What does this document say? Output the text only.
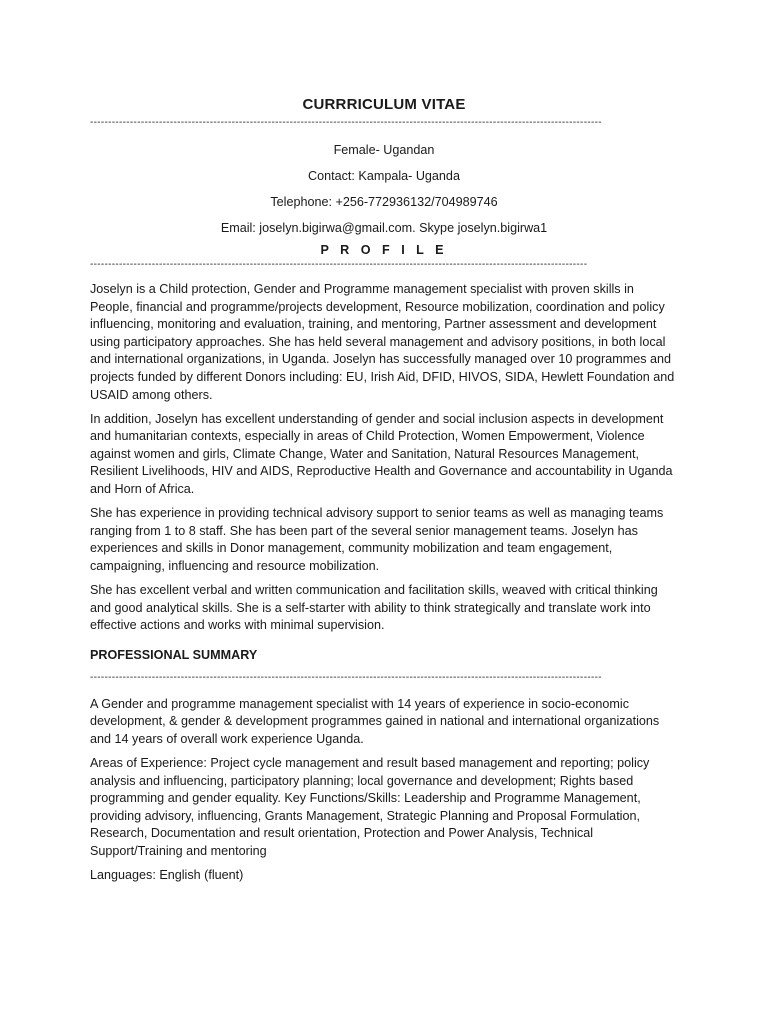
CURRRICULUM VITAE
---------------------------------------------------------------------------------------------------------------------------------------------
Female- Ugandan
Contact: Kampala- Uganda
Telephone: +256-772936132/704989746
Email: joselyn.bigirwa@gmail.com. Skype joselyn.bigirwa1
P R O F I L E
-----------------------------------------------------------------------------------------------------------------------------------------

Joselyn is a Child protection, Gender and Programme management specialist with proven skills in People, financial and programme/projects development, Resource mobilization, coordination and policy influencing, monitoring and evaluation, training, and mentoring, Partner assessment and development using participatory approaches. She has held several management and advisory positions, in both local and international organizations, in Uganda. Joselyn has successfully managed over 10 programmes and projects funded by different Donors including: EU, Irish Aid, DFID, HIVOS, SIDA, Hewlett Foundation and USAID among others.

In addition, Joselyn has excellent understanding of gender and social inclusion aspects in development and humanitarian contexts, especially in areas of Child Protection, Women Empowerment, Violence against women and girls, Climate Change, Water and Sanitation, Natural Resources Management, Resilient Livelihoods, HIV and AIDS, Reproductive Health and Governance and accountability in Uganda and Horn of Africa.

She has experience in providing technical advisory support to senior teams as well as managing teams ranging from 1 to 8 staff. She has been part of the several senior management teams. Joselyn has experiences and skills in Donor management, community mobilization and team engagement, campaigning, influencing and resource mobilization.

She has excellent verbal and written communication and facilitation skills, weaved with critical thinking and good analytical skills. She is a self-starter with ability to think strategically and translate work into effective actions and works with minimal supervision.

PROFESSIONAL SUMMARY
---------------------------------------------------------------------------------------------------------------------------------------------

A Gender and programme management specialist with 14 years of experience in socio-economic development, & gender & development programmes gained in national and international organizations and 14 years of overall work experience Uganda.

Areas of Experience: Project cycle management and result based management and reporting; policy analysis and influencing, participatory planning; local governance and development; Rights based programming and gender equality. Key Functions/Skills: Leadership and Programme Management, providing advisory, influencing, Grants Management, Strategic Planning and Proposal Formulation, Research, Documentation and result orientation, Protection and Power Analysis, Technical Support/Training and mentoring

Languages: English (fluent)
